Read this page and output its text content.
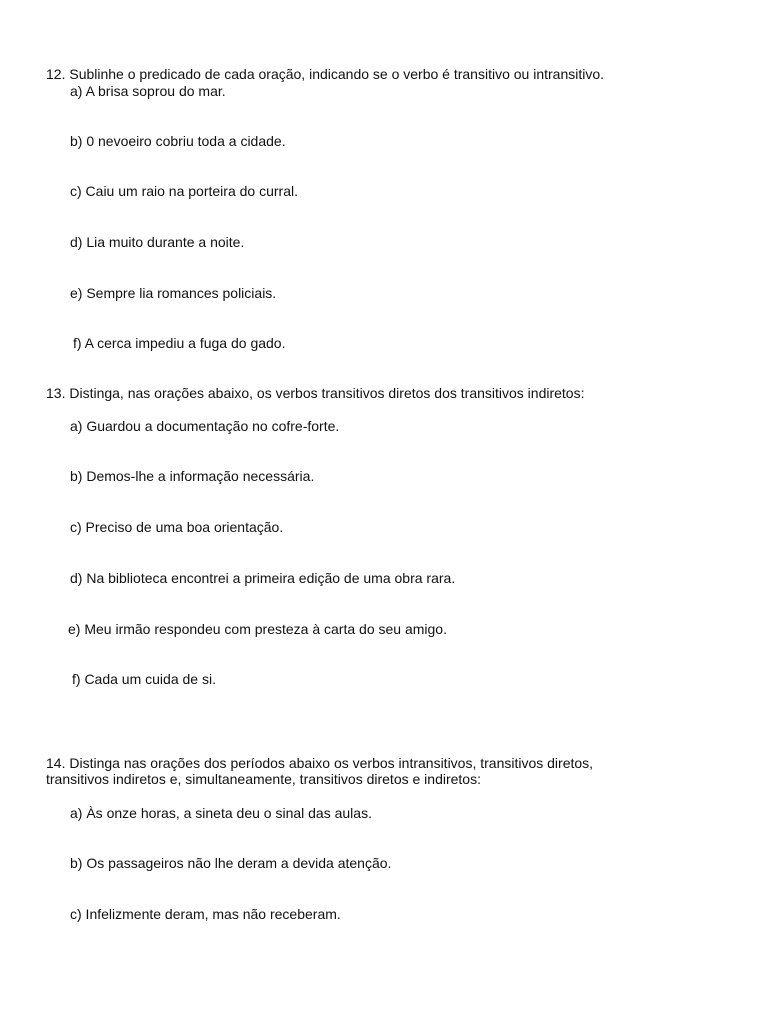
12. Sublinhe o predicado de cada oração, indicando se o verbo é transitivo ou intransitivo.

a) A brisa soprou do mar.

b) 0 nevoeiro cobriu toda a cidade.

c) Caiu um raio na porteira do curral.

d) Lia muito durante a noite.

e) Sempre lia romances policiais.

f) A cerca impediu a fuga do gado.

13. Distinga, nas orações abaixo, os verbos transitivos diretos dos transitivos indiretos:

a) Guardou a documentação no cofre-forte.

b) Demos-lhe a informação necessária.

c) Preciso de uma boa orientação.

d) Na biblioteca encontrei a primeira edição de uma obra rara.

e) Meu irmão respondeu com presteza à carta do seu amigo.

f) Cada um cuida de si.

14. Distinga nas orações dos períodos abaixo os verbos intransitivos, transitivos diretos,

transitivos indiretos e, simultaneamente, transitivos diretos e indiretos:

a) Às onze horas, a sineta deu o sinal das aulas.

b) Os passageiros não lhe deram a devida atenção.

c) Infelizmente deram, mas não receberam.
